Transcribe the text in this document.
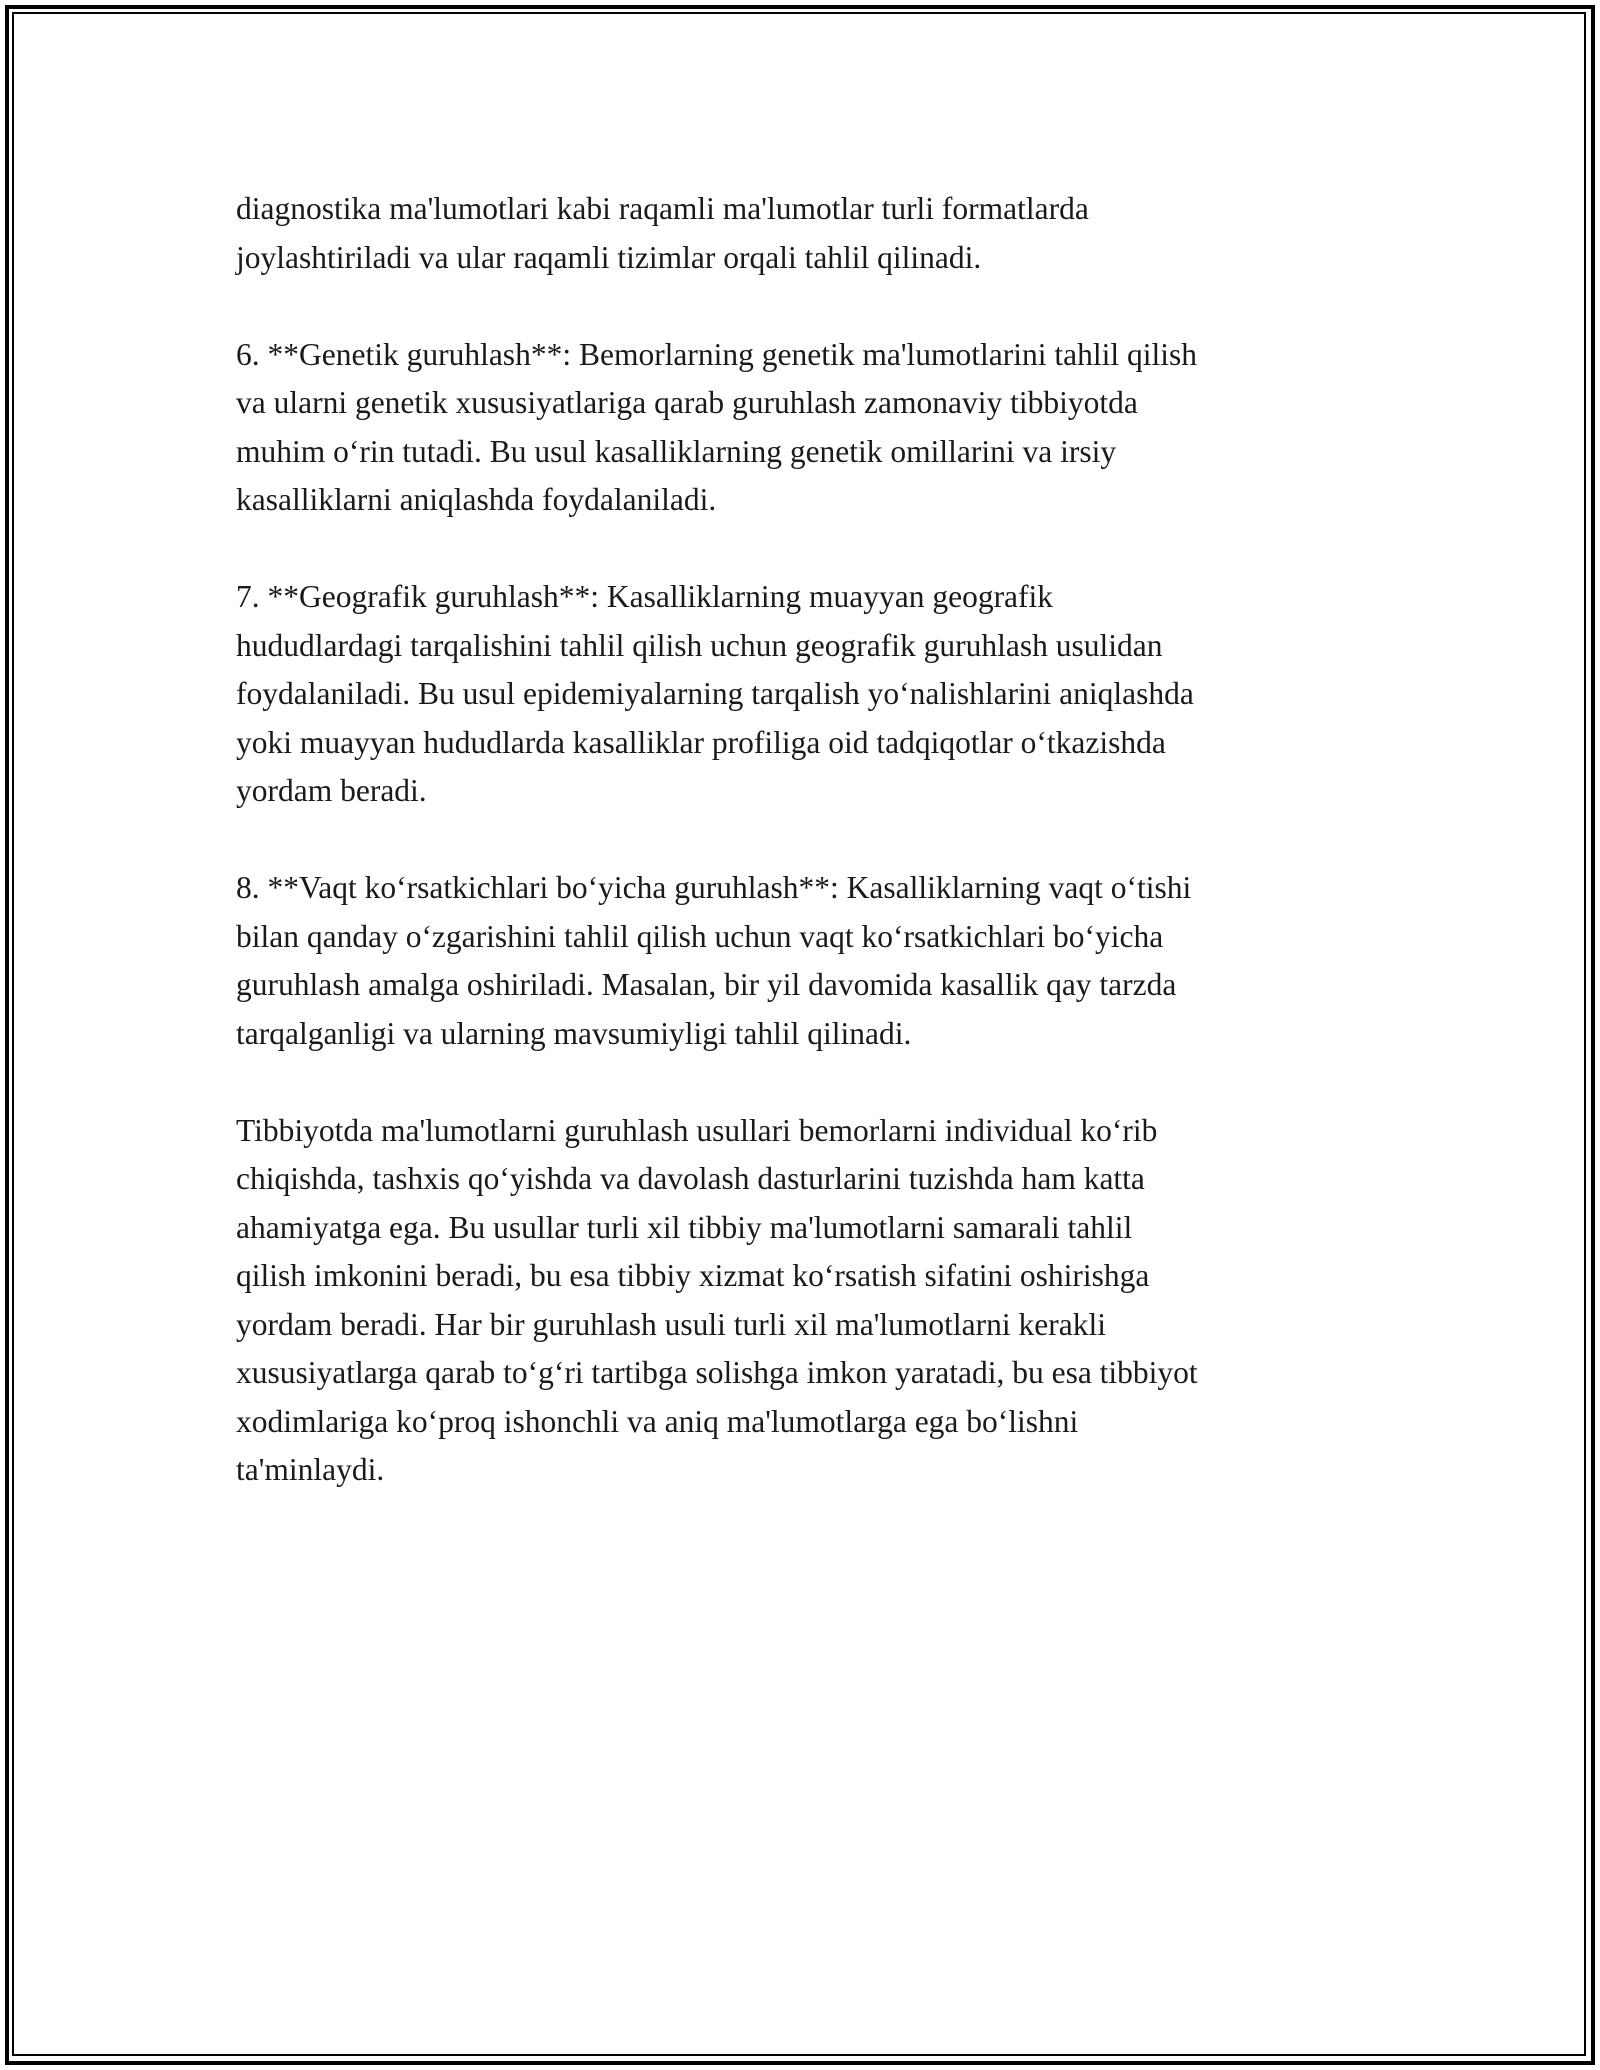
diagnostika ma'lumotlari kabi raqamli ma'lumotlar turli formatlarda
joylashtiriladi va ular raqamli tizimlar orqali tahlil qilinadi.

6. **Genetik guruhlash**: Bemorlarning genetik ma'lumotlarini tahlil qilish
va ularni genetik xususiyatlariga qarab guruhlash zamonaviy tibbiyotda
muhim o‘rin tutadi. Bu usul kasalliklarning genetik omillarini va irsiy
kasalliklarni aniqlashda foydalaniladi.

7. **Geografik guruhlash**: Kasalliklarning muayyan geografik
hududlardagi tarqalishini tahlil qilish uchun geografik guruhlash usulidan
foydalaniladi. Bu usul epidemiyalarning tarqalish yo‘nalishlarini aniqlashda
yoki muayyan hududlarda kasalliklar profiliga oid tadqiqotlar o‘tkazishda
yordam beradi.

8. **Vaqt ko‘rsatkichlari bo‘yicha guruhlash**: Kasalliklarning vaqt o‘tishi
bilan qanday o‘zgarishini tahlil qilish uchun vaqt ko‘rsatkichlari bo‘yicha
guruhlash amalga oshiriladi. Masalan, bir yil davomida kasallik qay tarzda
tarqalganligi va ularning mavsumiyligi tahlil qilinadi.

Tibbiyotda ma'lumotlarni guruhlash usullari bemorlarni individual ko‘rib
chiqishda, tashxis qo‘yishda va davolash dasturlarini tuzishda ham katta
ahamiyatga ega. Bu usullar turli xil tibbiy ma'lumotlarni samarali tahlil
qilish imkonini beradi, bu esa tibbiy xizmat ko‘rsatish sifatini oshirishga
yordam beradi. Har bir guruhlash usuli turli xil ma'lumotlarni kerakli
xususiyatlarga qarab to‘g‘ri tartibga solishga imkon yaratadi, bu esa tibbiyot
xodimlariga ko‘proq ishonchli va aniq ma'lumotlarga ega bo‘lishni
ta'minlaydi.
